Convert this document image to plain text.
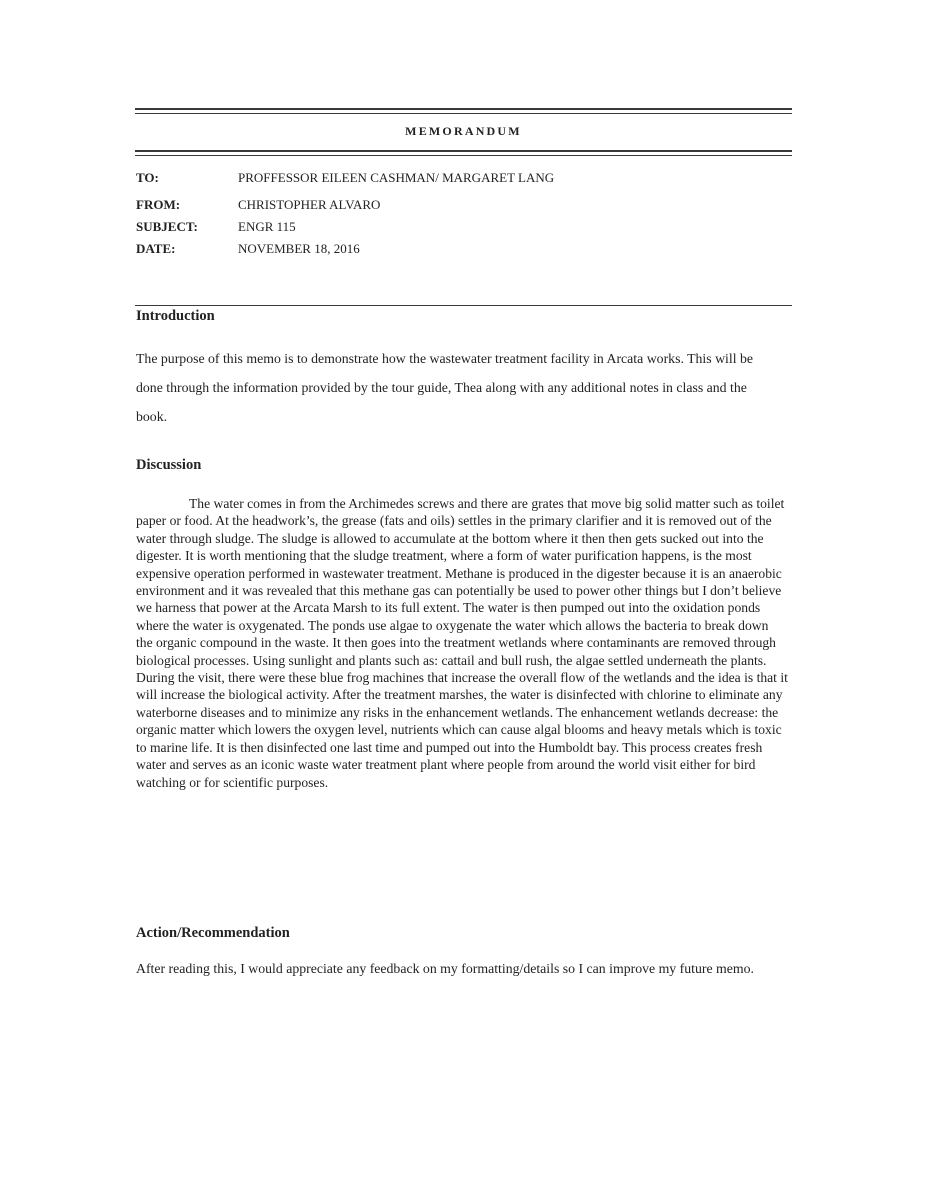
MEMORANDUM
TO:	PROFFESSOR EILEEN CASHMAN/ MARGARET LANG
FROM:	CHRISTOPHER ALVARO
SUBJECT:	ENGR 115
DATE:	NOVEMBER 18, 2016
Introduction

The purpose of this memo is to demonstrate how the wastewater treatment facility in Arcata works. This will be done through the information provided by the tour guide, Thea along with any additional notes in class and the book.

Discussion

The water comes in from the Archimedes screws and there are grates that move big solid matter such as toilet paper or food. At the headwork’s, the grease (fats and oils) settles in the primary clarifier and it is removed out of the water through sludge. The sludge is allowed to accumulate at the bottom where it then then gets sucked out into the digester. It is worth mentioning that the sludge treatment, where a form of water purification happens, is the most expensive operation performed in wastewater treatment. Methane is produced in the digester because it is an anaerobic environment and it was revealed that this methane gas can potentially be used to power other things but I don’t believe we harness that power at the Arcata Marsh to its full extent. The water is then pumped out into the oxidation ponds where the water is oxygenated. The ponds use algae to oxygenate the water which allows the bacteria to break down the organic compound in the waste. It then goes into the treatment wetlands where contaminants are removed through biological processes. Using sunlight and plants such as: cattail and bull rush, the algae settled underneath the plants. During the visit, there were these blue frog machines that increase the overall flow of the wetlands and the idea is that it will increase the biological activity. After the treatment marshes, the water is disinfected with chlorine to eliminate any waterborne diseases and to minimize any risks in the enhancement wetlands. The enhancement wetlands decrease: the organic matter which lowers the oxygen level, nutrients which can cause algal blooms and heavy metals which is toxic to marine life. It is then disinfected one last time and pumped out into the Humboldt bay. This process creates fresh water and serves as an iconic waste water treatment plant where people from around the world visit either for bird watching or for scientific purposes.

Action/Recommendation

After reading this, I would appreciate any feedback on my formatting/details so I can improve my future memo.
